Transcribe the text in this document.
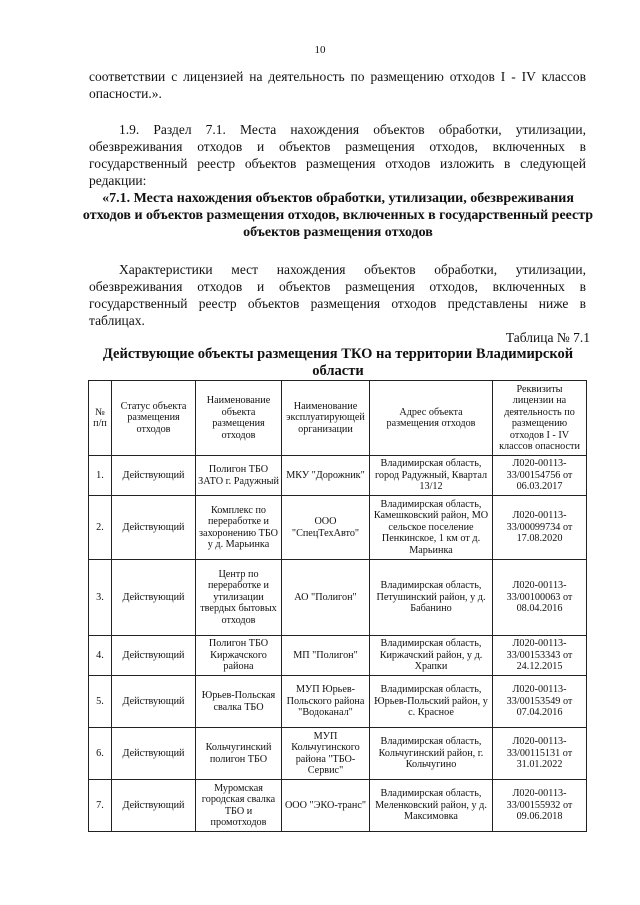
10

соответствии с лицензией на деятельность по размещению отходов I - IV классов опасности.».

1.9. Раздел 7.1. Места нахождения объектов обработки, утилизации, обезвреживания отходов и объектов размещения отходов, включенных в государственный реестр объектов размещения отходов изложить в следующей редакции:

«7.1. Места нахождения объектов обработки, утилизации, обезвреживания отходов и объектов размещения отходов, включенных в государственный реестр объектов размещения отходов

Характеристики мест нахождения объектов обработки, утилизации, обезвреживания отходов и объектов размещения отходов, включенных в государственный реестр объектов размещения отходов представлены ниже в таблицах.

Таблица № 7.1
Действующие объекты размещения ТКО на территории Владимирской области
№ п/п	Статус объекта размещения отходов	Наименование объекта размещения отходов	Наименование эксплуатирующей организации	Адрес объекта размещения отходов	Реквизиты лицензии на деятельность по размещению отходов I - IV классов опасности
1.	Действующий	Полигон ТБО ЗАТО г. Радужный	МКУ "Дорожник"	Владимирская область, город Радужный, Квартал 13/12	Л020-00113-33/00154756 от 06.03.2017
2.	Действующий	Комплекс по переработке и захоронению ТБО у д. Марьинка	ООО "СпецТехАвто"	Владимирская область, Камешковский район, МО сельское поселение Пенкинское, 1 км от д. Марьинка	Л020-00113-33/00099734 от 17.08.2020
3.	Действующий	Центр по переработке и утилизации твердых бытовых отходов	АО "Полигон"	Владимирская область, Петушинский район, у д. Бабанино	Л020-00113-33/00100063 от 08.04.2016
4.	Действующий	Полигон ТБО Киржачского района	МП "Полигон"	Владимирская область, Киржачский район, у д. Храпки	Л020-00113-33/00153343 от 24.12.2015
5.	Действующий	Юрьев-Польская свалка ТБО	МУП Юрьев-Польского района "Водоканал"	Владимирская область, Юрьев-Польский район, у с. Красное	Л020-00113-33/00153549 от 07.04.2016
6.	Действующий	Кольчугинский полигон ТБО	МУП Кольчугинского района "ТБО-Сервис"	Владимирская область, Кольчугинский район, г. Кольчугино	Л020-00113-33/00115131 от 31.01.2022
7.	Действующий	Муромская городская свалка ТБО и промотходов	ООО "ЭКО-транс"	Владимирская область, Меленковский район, у д. Максимовка	Л020-00113-33/00155932 от 09.06.2018
